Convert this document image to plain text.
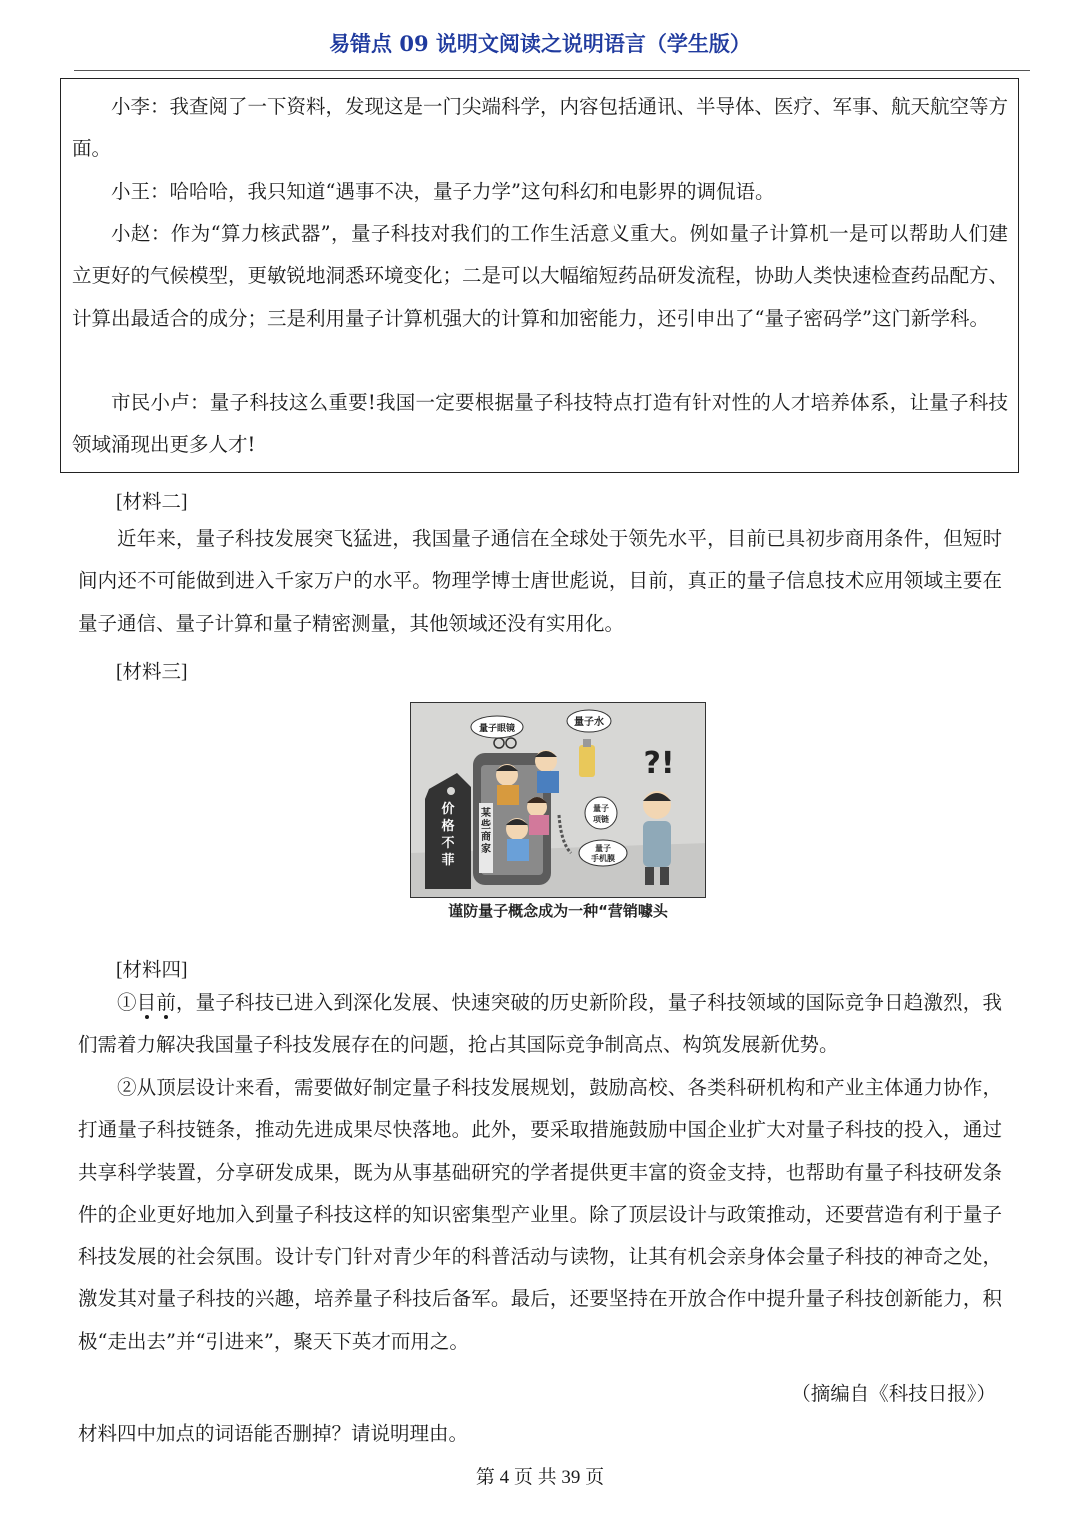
易错点 09 说明文阅读之说明语言（学生版）

小李：我查阅了一下资料，发现这是一门尖端科学，内容包括通讯、半导体、医疗、军事、航天航空等方面。

小王：哈哈哈，我只知道“遇事不决，量子力学”这句科幻和电影界的调侃语。

小赵：作为“算力核武器”，量子科技对我们的工作生活意义重大。例如量子计算机一是可以帮助人们建立更好的气候模型，更敏锐地洞悉环境变化；二是可以大幅缩短药品研发流程，协助人类快速检查药品配方、计算出最适合的成分；三是利用量子计算机强大的计算和加密能力，还引申出了“量子密码学”这门新学科。

市民小卢：量子科技这么重要!我国一定要根据量子科技特点打造有针对性的人才培养体系，让量子科技领域涌现出更多人才!

[材料二]

近年来，量子科技发展突飞猛进，我国量子通信在全球处于领先水平，目前已具初步商用条件，但短时间内还不可能做到进入千家万户的水平。物理学博士唐世彪说，目前，真正的量子信息技术应用领域主要在量子通信、量子计算和量子精密测量，其他领域还没有实用化。

[材料三]

价
格
不
菲
某
些
商
家
量子眼镜
量子水
量子
项链
量子
手机膜
?!
谨防量子概念成为一种“营销噱头

[材料四]

①目前，量子科技已进入到深化发展、快速突破的历史新阶段，量子科技领域的国际竞争日趋激烈，我们需着力解决我国量子科技发展存在的问题，抢占其国际竞争制高点、构筑发展新优势。

②从顶层设计来看，需要做好制定量子科技发展规划，鼓励高校、各类科研机构和产业主体通力协作，打通量子科技链条，推动先进成果尽快落地。此外，要采取措施鼓励中国企业扩大对量子科技的投入，通过共享科学装置，分享研发成果，既为从事基础研究的学者提供更丰富的资金支持，也帮助有量子科技研发条件的企业更好地加入到量子科技这样的知识密集型产业里。除了顶层设计与政策推动，还要营造有利于量子科技发展的社会氛围。设计专门针对青少年的科普活动与读物，让其有机会亲身体会量子科技的神奇之处，激发其对量子科技的兴趣，培养量子科技后备军。最后，还要坚持在开放合作中提升量子科技创新能力，积极“走出去”并“引进来”，聚天下英才而用之。

（摘编自《科技日报》）

材料四中加点的词语能否删掉？请说明理由。

第 4 页 共 39 页
